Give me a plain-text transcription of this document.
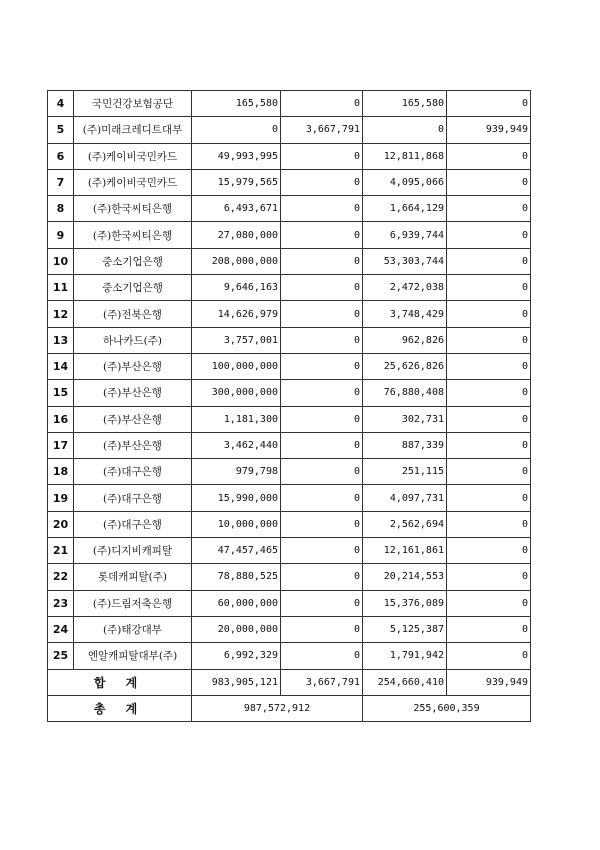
4	국민건강보험공단	165,580	0	165,580	0
5	(주)미래크레디트대부	0	3,667,791	0	939,949
6	(주)케이비국민카드	49,993,995	0	12,811,868	0
7	(주)케이비국민카드	15,979,565	0	4,095,066	0
8	(주)한국씨티은행	6,493,671	0	1,664,129	0
9	(주)한국씨티은행	27,080,000	0	6,939,744	0
10	중소기업은행	208,000,000	0	53,303,744	0
11	중소기업은행	9,646,163	0	2,472,038	0
12	(주)전북은행	14,626,979	0	3,748,429	0
13	하나카드(주)	3,757,001	0	962,826	0
14	(주)부산은행	100,000,000	0	25,626,826	0
15	(주)부산은행	300,000,000	0	76,880,408	0
16	(주)부산은행	1,181,300	0	302,731	0
17	(주)부산은행	3,462,440	0	887,339	0
18	(주)대구은행	979,798	0	251,115	0
19	(주)대구은행	15,990,000	0	4,097,731	0
20	(주)대구은행	10,000,000	0	2,562,694	0
21	(주)디지비캐피탈	47,457,465	0	12,161,861	0
22	롯데캐피탈(주)	78,880,525	0	20,214,553	0
23	(주)드림저축은행	60,000,000	0	15,376,089	0
24	(주)태강대부	20,000,000	0	5,125,387	0
25	엔알캐피탈대부(주)	6,992,329	0	1,791,942	0
합 계		983,905,121	3,667,791	254,660,410	939,949
총 계		987,572,912		255,600,359	
